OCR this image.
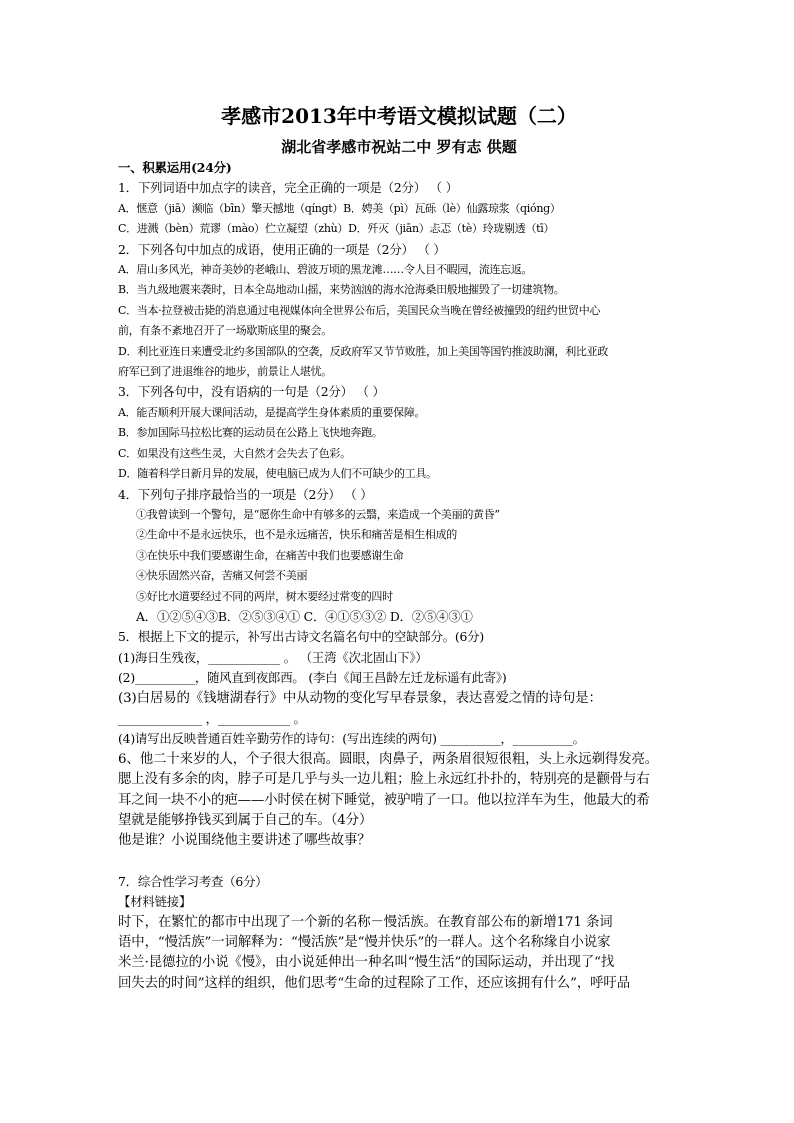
孝感市2013年中考语文模拟试题（二）
湖北省孝感市祝站二中 罗有志 供题
一、积累运用(24分)
1．下列词语中加点字的读音，完全正确的一项是（2分） （ ）
A．惬意（jiā）濒临（bīn）擎天撼地（qínɡt）B．娉美（pì）瓦砾（lè）仙露琼浆（qióng）
C．进溅（bèn）荒谬（mào）伫立凝望（zhù）D．歼灭（jiān）忐忑（tè）玲珑剔透（tī）
2．下列各句中加点的成语，使用正确的一项是（2分） （ ）
A．眉山多风光，神奇美妙的老峨山、碧波万顷的黑龙滩……令人目不暇园，流连忘返。
B．当九级地震来袭时，日本全岛地动山摇，来势汹汹的海水沧海桑田般地摧毁了一切建筑物。
C．当本·拉登被击毙的消息通过电视媒体向全世界公布后，美国民众当晚在曾经被撞毁的纽约世贸中心
前，有条不紊地召开了一场歇斯底里的聚会。
D．利比亚连日来遭受北约多国部队的空袭，反政府军又节节败胜，加上美国等国钓推波助澜，利比亚政
府军已到了进退维谷的地步，前景让人堪忧。
3．下列各句中，没有语病的一句是（2分） （ ）
A．能否顺利开展大课间活动，是提高学生身体素质的重要保障。
B．参加国际马拉松比赛的运动员在公路上飞快地奔跑。
C．如果没有这些生灵，大自然才会失去了色彩。
D．随着科学日新月异的发展，使电脑已成为人们不可缺少的工具。
4．下列句子排序最恰当的一项是（2分） （ ）
①我曾读到一个警句，是“愿你生命中有够多的云翳，来造成一个美丽的黄昏”
②生命中不是永远快乐，也不是永远痛苦，快乐和痛苦是相生相成的
③在快乐中我们要感谢生命，在痛苦中我们也要感谢生命
④快乐固然兴奋，苦痛又何尝不美丽
⑤好比水道要经过不同的两岸，树木要经过常变的四时
A．①②⑤④③B．②⑤③④① C．④①⑤③② D．②⑤④③①
5．根据上下文的提示，补写出古诗文名篇名句中的空缺部分。(6分)
(1)海日生残夜，____________ 。 （王湾《次北固山下》）
(2)__________，随风直到夜郎西。 (李白《闻王昌龄左迁龙标遥有此寄》)
(3)白居易的《钱塘湖春行》中从动物的变化写早春景象，表达喜爱之情的诗句是：
______________ ，____________ 。
(4)请写出反映普通百姓辛勤劳作的诗句：(写出连续的两句) __________，__________。
6、他二十来岁的人，个子很大很高。圆眼，肉鼻子，两条眉很短很粗，头上永远剃得发亮。
腮上没有多余的肉，脖子可是几乎与头一边儿粗；脸上永远红扑扑的，特别亮的是颧骨与右
耳之间一块不小的疤——小时侯在树下睡觉，被驴啃了一口。他以拉洋车为生，他最大的希
望就是能够挣钱买到属于自己的车。（4分）
他是谁？小说围绕他主要讲述了哪些故事？
7．综合性学习考查（6分）
【材料链接】
时下，在繁忙的都市中出现了一个新的名称－慢活族。在教育部公布的新增171 条词
语中，“慢活族”一词解释为：“慢活族”是“慢并快乐”的一群人。这个名称缘自小说家
米兰·昆德拉的小说《慢》，由小说延伸出一种名叫“慢生活”的国际运动，并出现了“找
回失去的时间”这样的组织，他们思考“生命的过程除了工作，还应该拥有什么”，呼吁品
